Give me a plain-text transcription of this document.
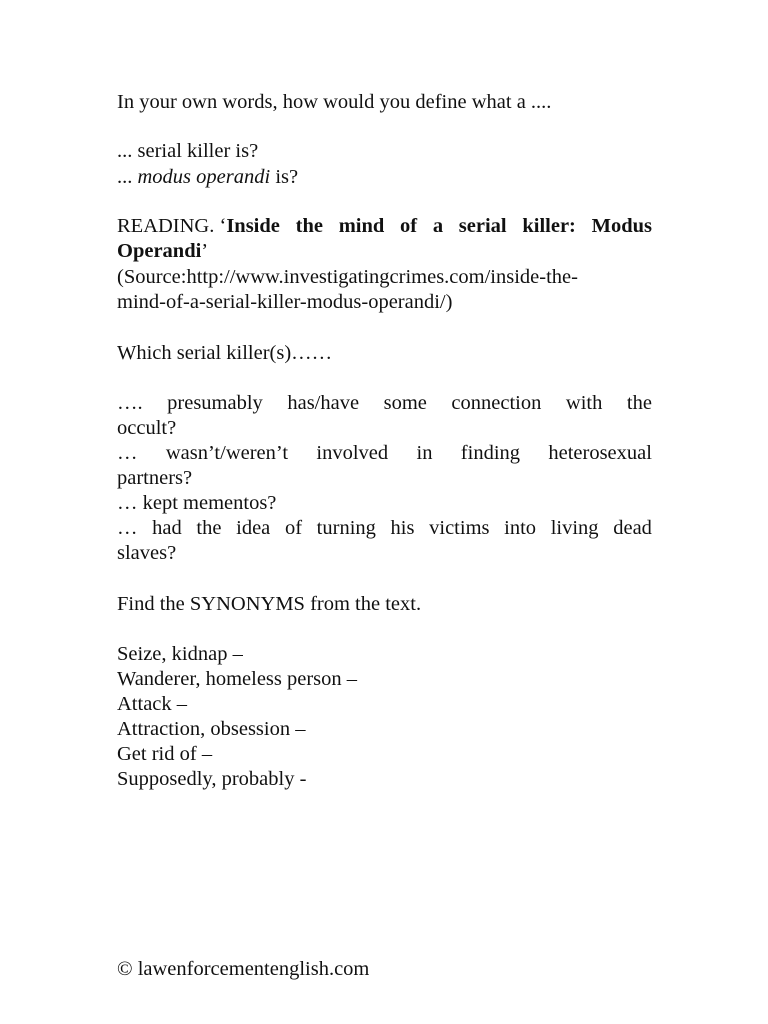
In your own words, how would you define what a ....
... serial killer is?
... modus operandi is?
READING. ‘ Inside the mind of a serial killer: Modus
Operandi’
(Source:http://www.investigatingcrimes.com/inside-the-
mind-of-a-serial-killer-modus-operandi/)
Which serial killer(s)……
…. presumably has/have some connection with the
occult?
… wasn’t/weren’t involved in finding heterosexual
partners?
… kept mementos?
… had the idea of turning his victims into living dead
slaves?
Find the SYNONYMS from the text.
Seize, kidnap –
Wanderer, homeless person –
Attack –
Attraction, obsession –
Get rid of –
Supposedly, probably -
© lawenforcementenglish.com
